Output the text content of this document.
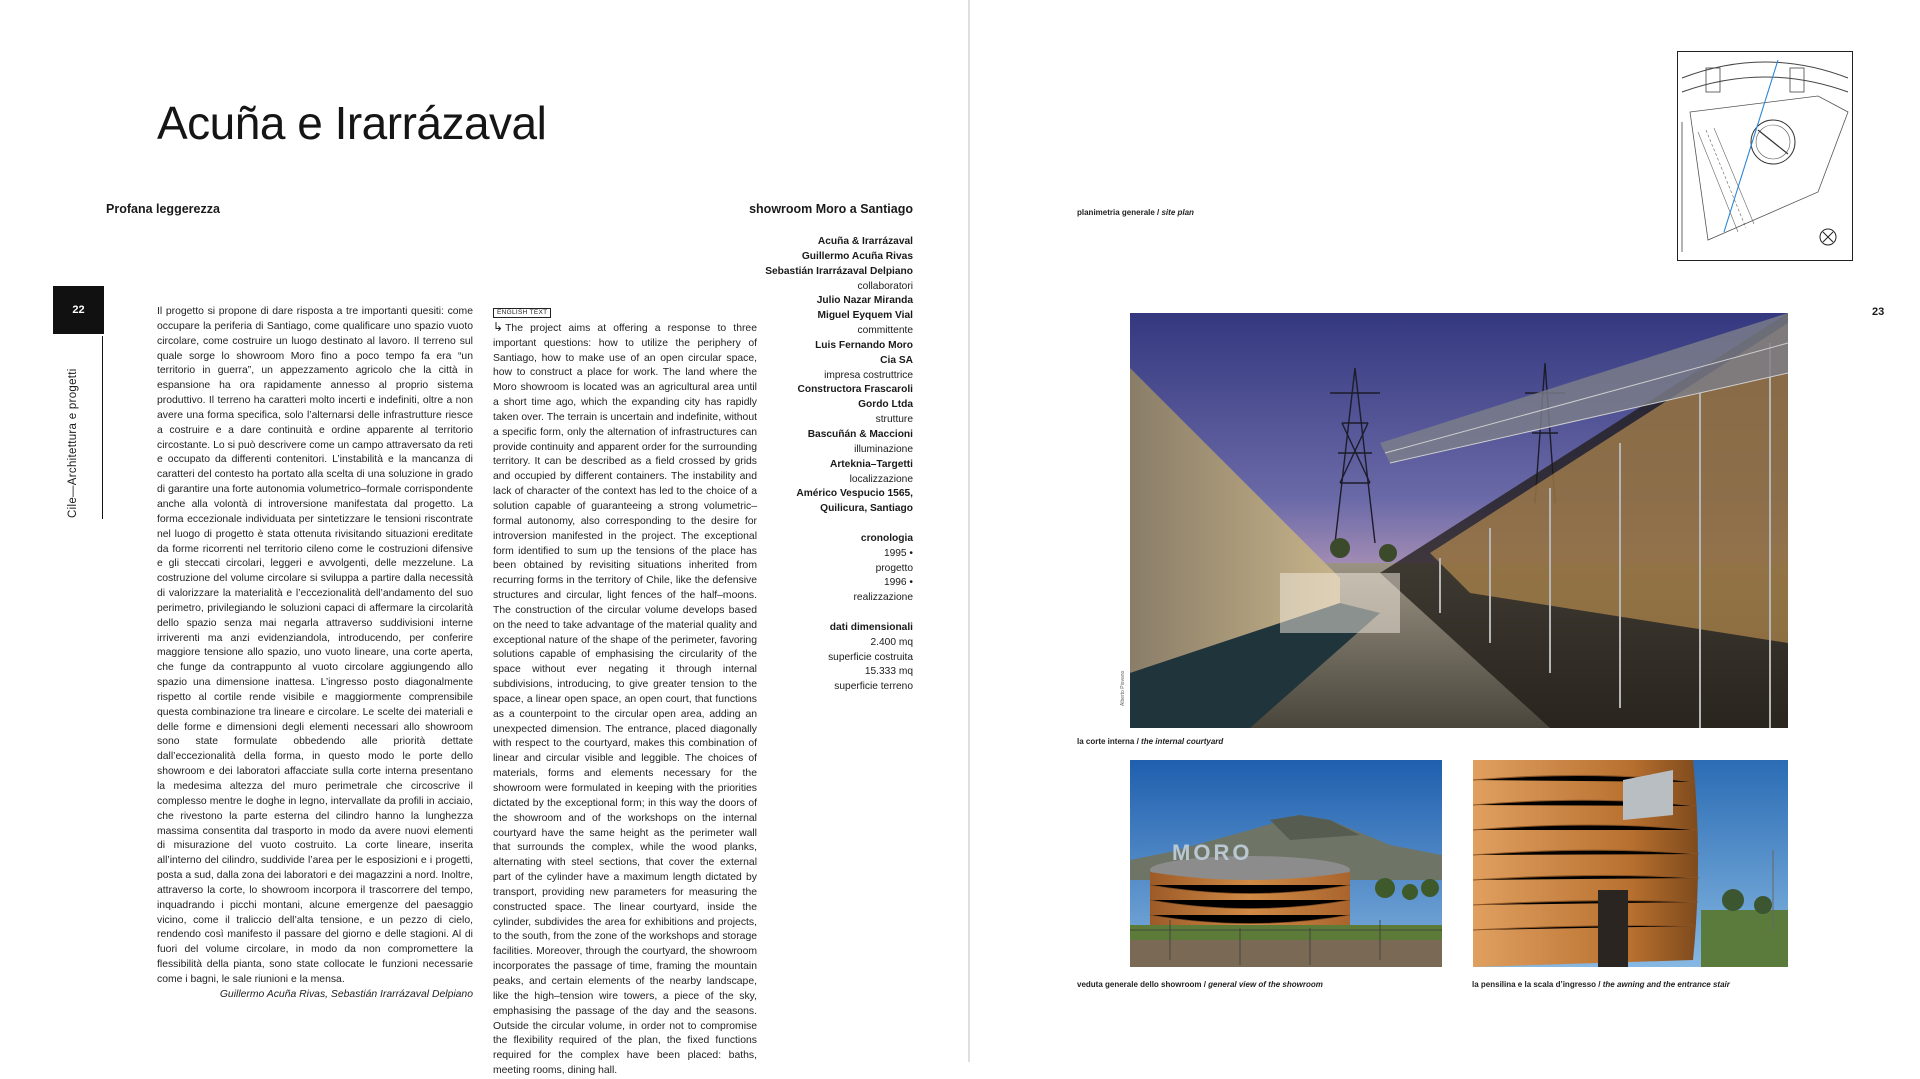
Acuña e Irarrázaval
Profana leggerezza	showroom Moro a Santiago
22
Cile—Architettura e progetti

Il progetto si propone di dare risposta a tre importanti quesiti: come occupare la periferia di Santiago, come qualificare uno spazio vuoto circolare, come costruire un luogo destinato al lavoro. Il terreno sul quale sorge lo showroom Moro fino a poco tempo fa era “un territorio in guerra”, un appezzamento agricolo che la città in espansione ha ora rapidamente annesso al proprio sistema produttivo. Il terreno ha caratteri molto incerti e indefiniti, oltre a non avere una forma specifica, solo l’alternarsi delle infrastrutture riesce a costruire e a dare continuità e ordine apparente al territorio circostante. Lo si può descrivere come un campo attraversato da reti e occupato da differenti contenitori. L’instabilità e la mancanza di caratteri del contesto ha portato alla scelta di una soluzione in grado di garantire una forte autonomia volumetrico–formale corrispondente anche alla volontà di introversione manifestata dal progetto. La forma eccezionale individuata per sintetizzare le tensioni riscontrate nel luogo di progetto è stata ottenuta rivisitando situazioni ereditate da forme ricorrenti nel territorio cileno come le costruzioni difensive e gli steccati circolari, leggeri e avvolgenti, delle mezzelune. La costruzione del volume circolare si sviluppa a partire dalla necessità di valorizzare la materialità e l’eccezionalità dell’andamento del suo perimetro, privilegiando le soluzioni capaci di affermare la circolarità dello spazio senza mai negarla attraverso suddivisioni interne irriverenti ma anzi evidenziandola, introducendo, per conferire maggiore tensione allo spazio, uno vuoto lineare, una corte aperta, che funge da contrappunto al vuoto circolare aggiungendo allo spazio una dimensione inattesa. L’ingresso posto diagonalmente rispetto al cortile rende visibile e maggiormente comprensibile questa combinazione tra lineare e circolare. Le scelte dei materiali e delle forme e dimensioni degli elementi necessari allo showroom sono state formulate obbedendo alle priorità dettate dall’eccezionalità della forma, in questo modo le porte dello showroom e dei laboratori affacciate sulla corte interna presentano la medesima altezza del muro perimetrale che circoscrive il complesso mentre le doghe in legno, intervallate da profili in acciaio, che rivestono la parte esterna del cilindro hanno la lunghezza massima consentita dal trasporto in modo da avere nuovi elementi di misurazione del vuoto costruito. La corte lineare, inserita all’interno del cilindro, suddivide l’area per le esposizioni e i progetti, posta a sud, dalla zona dei laboratori e dei magazzini a nord. Inoltre, attraverso la corte, lo showroom incorpora il trascorrere del tempo, inquadrando i picchi montani, alcune emergenze del paesaggio vicino, come il traliccio dell’alta tensione, e un pezzo di cielo, rendendo così manifesto il passare del giorno e delle stagioni. Al di fuori del volume circolare, in modo da non compromettere la flessibilità della pianta, sono state collocate le funzioni necessarie come i bagni, le sale riunioni e la mensa.

Guillermo Acuña Rivas, Sebastián Irarrázaval Delpiano
ENGLISH TEXT

↳ The project aims at offering a response to three important questions: how to utilize the periphery of Santiago, how to make use of an open circular space, how to construct a place for work. The land where the Moro showroom is located was an agricultural area until a short time ago, which the expanding city has rapidly taken over. The terrain is uncertain and indefinite, without a specific form, only the alternation of infrastructures can provide continuity and apparent order for the surrounding territory. It can be described as a field crossed by grids and occupied by different containers. The instability and lack of character of the context has led to the choice of a solution capable of guaranteeing a strong volumetric–formal autonomy, also corresponding to the desire for introversion manifested in the project. The exceptional form identified to sum up the tensions of the place has been obtained by revisiting situations inherited from recurring forms in the territory of Chile, like the defensive structures and circular, light fences of the half–moons. The construction of the circular volume develops based on the need to take advantage of the material quality and exceptional nature of the shape of the perimeter, favoring solutions capable of emphasising the circularity of the space without ever negating it through internal subdivisions, introducing, to give greater tension to the space, a linear open space, an open court, that functions as a counterpoint to the circular open area, adding an unexpected dimension. The entrance, placed diagonally with respect to the courtyard, makes this combination of linear and circular visible and leggible. The choices of materials, forms and elements necessary for the showroom were formulated in keeping with the priorities dictated by the exceptional form; in this way the doors of the showroom and of the workshops on the internal courtyard have the same height as the perimeter wall that surrounds the complex, while the wood planks, alternating with steel sections, that cover the external part of the cylinder have a maximum length dictated by transport, providing new parameters for measuring the constructed space. The linear courtyard, inside the cylinder, subdivides the area for exhibitions and projects, to the south, from the zone of the workshops and storage facilities. Moreover, through the courtyard, the showroom incorporates the passage of time, framing the mountain peaks, and certain elements of the nearby landscape, like the high–tension wire towers, a piece of the sky, emphasising the passage of the day and the seasons. Outside the circular volume, in order not to compromise the flexibility required of the plan, the fixed functions required for the complex have been placed: baths, meeting rooms, dining hall.

Acuña & Irarrázaval
Guillermo Acuña Rivas
Sebastián Irarrázaval Delpiano
collaboratori
Julio Nazar Miranda
Miguel Eyquem Vial
committente
Luis Fernando Moro
Cia SA
impresa costruttrice
Constructora Frascaroli
Gordo Ltda
strutture
Bascuñán & Maccioni
illuminazione
Arteknia–Targetti
localizzazione
Américo Vespucio 1565,
Quilicura, Santiago
cronologia
1995 •
progetto
1996 •
realizzazione
dati dimensionali
2.400 mq
superficie costruita
15.333 mq
superficie terreno
planimetria generale / site plan
23
Alberto Piovano
la corte interna / the internal courtyard
MORO
veduta generale dello showroom / general view of the showroom	la pensilina e la scala d’ingresso / the awning and the entrance stair
